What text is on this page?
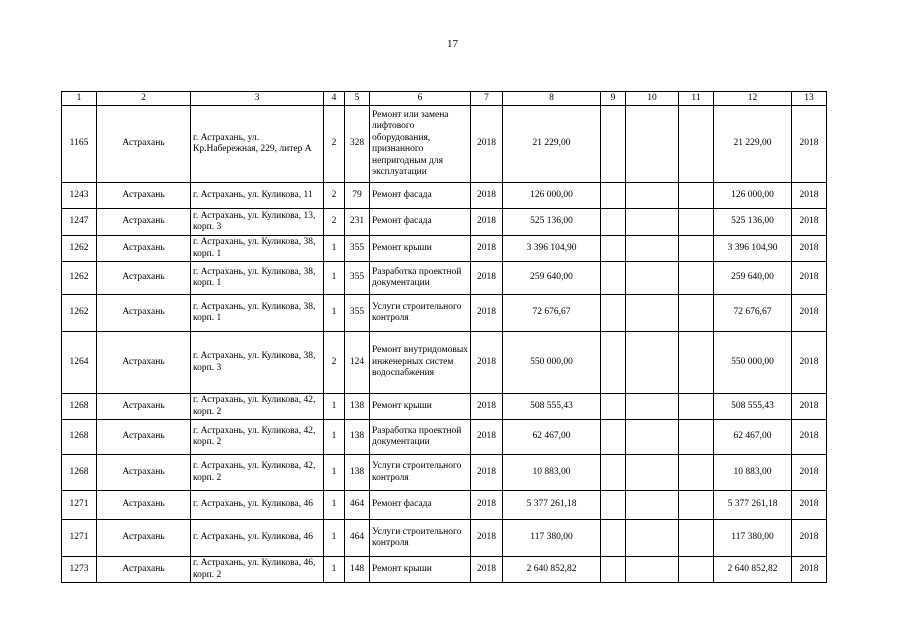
17
1	2	3	4	5	6	7	8	9	10	11	12	13
1165	Астрахань	г. Астрахань, ул. Кр.Набережная, 229, литер А	2	328	Ремонт или замена лифтового оборудования, признанного непригодным для эксплуатации	2018	21 229,00				21 229,00	2018
1243	Астрахань	г. Астрахань, ул. Куликова, 11	2	79	Ремонт фасада	2018	126 000,00				126 000,00	2018
1247	Астрахань	г. Астрахань, ул. Куликова, 13, корп. 3	2	231	Ремонт фасада	2018	525 136,00				525 136,00	2018
1262	Астрахань	г. Астрахань, ул. Куликова, 38, корп. 1	1	355	Ремонт крыши	2018	3 396 104,90				3 396 104,90	2018
1262	Астрахань	г. Астрахань, ул. Куликова, 38, корп. 1	1	355	Разработка проектной документации	2018	259 640,00				259 640,00	2018
1262	Астрахань	г. Астрахань, ул. Куликова, 38, корп. 1	1	355	Услуги строительного контроля	2018	72 676,67				72 676,67	2018
1264	Астрахань	г. Астрахань, ул. Куликова, 38, корп. 3	2	124	Ремонт внутридомовых инженерных систем водоспабжения	2018	550 000,00				550 000,00	2018
1268	Астрахань	г. Астрахань, ул. Куликова, 42, корп. 2	1	138	Ремонт крыши	2018	508 555,43				508 555,43	2018
1268	Астрахань	г. Астрахань, ул. Куликова, 42, корп. 2	1	138	Разработка проектной документации	2018	62 467,00				62 467,00	2018
1268	Астрахань	г. Астрахань, ул. Куликова, 42, корп. 2	1	138	Услуги строительного контроля	2018	10 883,00				10 883,00	2018
1271	Астрахань	г. Астрахань, ул. Куликова, 46	1	464	Ремонт фасада	2018	5 377 261,18				5 377 261,18	2018
1271	Астрахань	г. Астрахань, ул. Куликова, 46	1	464	Услуги строительного контроля	2018	117 380,00				117 380,00	2018
1273	Астрахань	г. Астрахань, ул. Куликова, 46, корп. 2	1	148	Ремонт крыши	2018	2 640 852,82				2 640 852,82	2018
